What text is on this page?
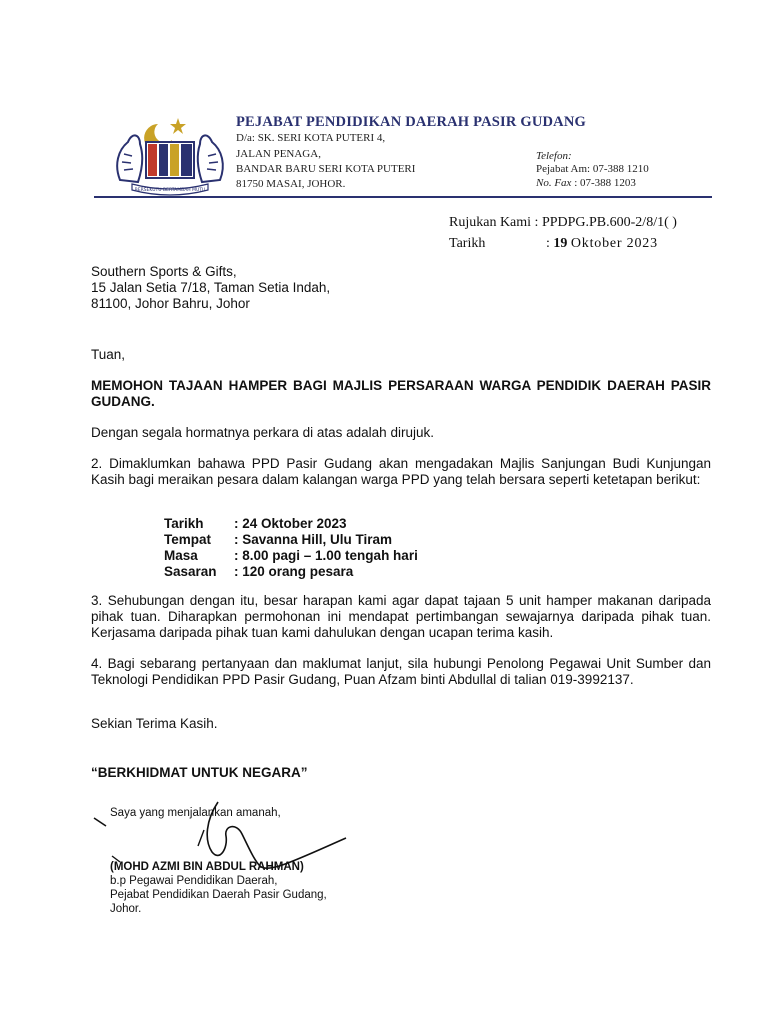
BERSEKUTU BERTAMBAH MUTU
PEJABAT PENDIDIKAN DAERAH PASIR GUDANG
D/a: SK. SERI KOTA PUTERI 4,
JALAN PENAGA,
BANDAR BARU SERI KOTA PUTERI
81750 MASAI, JOHOR.
Telefon:
Pejabat Am: 07-388 1210
No. Fax : 07-388 1203
Rujukan Kami : PPDPG.PB.600-2/8/1( )
Tarikh	: 19 Oktober 2023
Southern Sports & Gifts,
15 Jalan Setia 7/18, Taman Setia Indah,
81100, Johor Bahru, Johor
Tuan,
MEMOHON TAJAAN HAMPER BAGI MAJLIS PERSARAAN WARGA PENDIDIK DAERAH PASIR GUDANG.
Dengan segala hormatnya perkara di atas adalah dirujuk.
2. Dimaklumkan bahawa PPD Pasir Gudang akan mengadakan Majlis Sanjungan Budi Kunjungan Kasih bagi meraikan pesara dalam kalangan warga PPD yang telah bersara seperti ketetapan berikut:
Tarikh : 24 Oktober 2023
Tempat : Savanna Hill, Ulu Tiram
Masa	: 8.00 pagi – 1.00 tengah hari
Sasaran : 120 orang pesara
3. Sehubungan dengan itu, besar harapan kami agar dapat tajaan 5 unit hamper makanan daripada pihak tuan. Diharapkan permohonan ini mendapat pertimbangan sewajarnya daripada pihak tuan. Kerjasama daripada pihak tuan kami dahulukan dengan ucapan terima kasih.
4. Bagi sebarang pertanyaan dan maklumat lanjut, sila hubungi Penolong Pegawai Unit Sumber dan Teknologi Pendidikan PPD Pasir Gudang, Puan Afzam binti Abdullal di talian 019-3992137.
Sekian Terima Kasih.
“BERKHIDMAT UNTUK NEGARA”
Saya yang menjalankan amanah,
(MOHD AZMI BIN ABDUL RAHMAN)
b.p Pegawai Pendidikan Daerah,
Pejabat Pendidikan Daerah Pasir Gudang,
Johor.
